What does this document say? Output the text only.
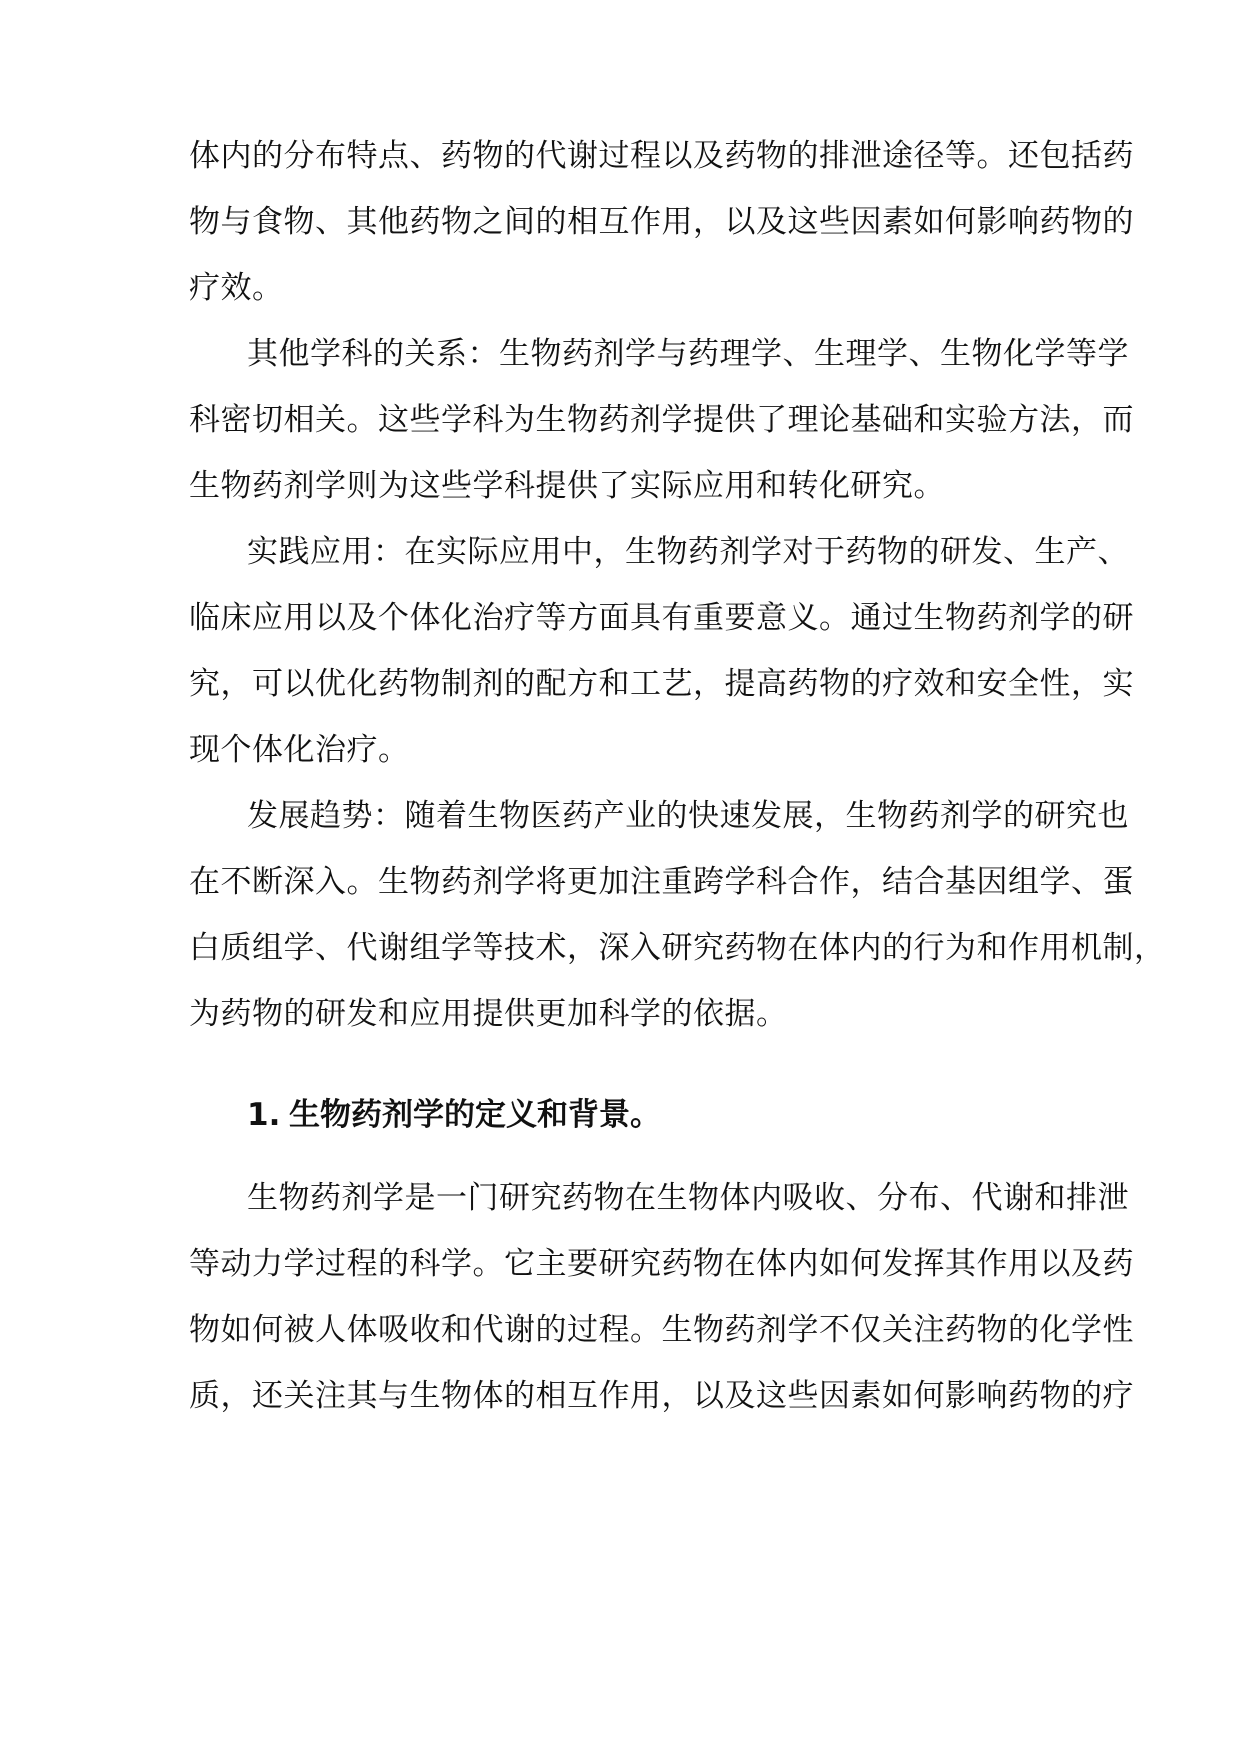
体内的分布特点、药物的代谢过程以及药物的排泄途径等。还包括药

物与食物、其他药物之间的相互作用，以及这些因素如何影响药物的

疗效。

其他学科的关系：生物药剂学与药理学、生理学、生物化学等学

科密切相关。这些学科为生物药剂学提供了理论基础和实验方法，而

生物药剂学则为这些学科提供了实际应用和转化研究。

实践应用：在实际应用中，生物药剂学对于药物的研发、生产、

临床应用以及个体化治疗等方面具有重要意义。通过生物药剂学的研

究，可以优化药物制剂的配方和工艺，提高药物的疗效和安全性，实

现个体化治疗。

发展趋势：随着生物医药产业的快速发展，生物药剂学的研究也

在不断深入。生物药剂学将更加注重跨学科合作，结合基因组学、蛋

白质组学、代谢组学等技术，深入研究药物在体内的行为和作用机制，

为药物的研发和应用提供更加科学的依据。

1. 生物药剂学的定义和背景。

生物药剂学是一门研究药物在生物体内吸收、分布、代谢和排泄

等动力学过程的科学。它主要研究药物在体内如何发挥其作用以及药

物如何被人体吸收和代谢的过程。生物药剂学不仅关注药物的化学性

质，还关注其与生物体的相互作用，以及这些因素如何影响药物的疗
